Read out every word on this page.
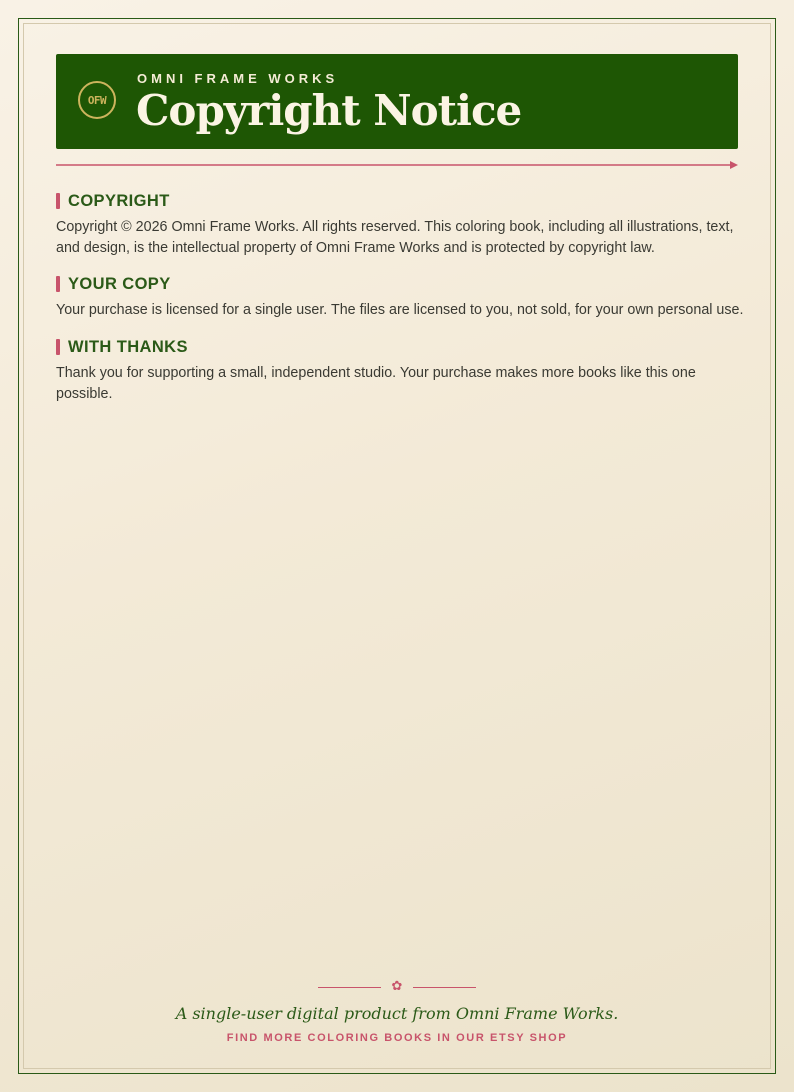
OFW
OMNI FRAME WORKS
Copyright Notice
COPYRIGHT

Copyright © 2026 Omni Frame Works. All rights reserved. This coloring book, including all illustrations, text, and design, is the intellectual property of Omni Frame Works and is protected by copyright law.

YOUR COPY

Your purchase is licensed for a single user. The files are licensed to you, not sold, for your own personal use.

WITH THANKS

Thank you for supporting a small, independent studio. Your purchase makes more books like this one possible.

✿
A single-user digital product from Omni Frame Works.
FIND MORE COLORING BOOKS IN OUR ETSY SHOP
